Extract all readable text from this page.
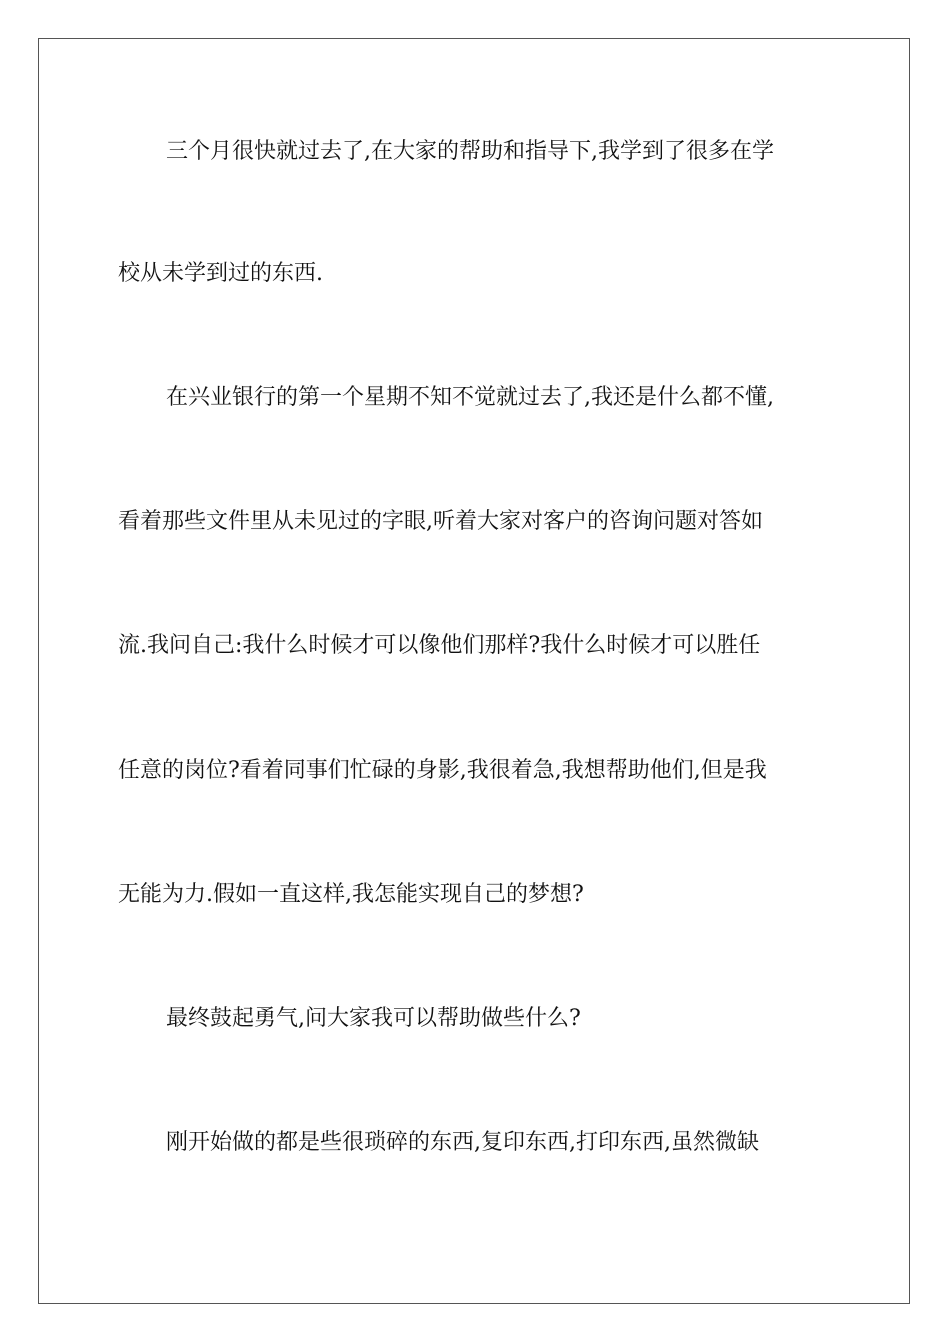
三个月很快就过去了,在大家的帮助和指导下,我学到了很多在学
校从未学到过的东西.
在兴业银行的第一个星期不知不觉就过去了,我还是什么都不懂,
看着那些文件里从未见过的字眼,听着大家对客户的咨询问题对答如
流.我问自己:我什么时候才可以像他们那样?我什么时候才可以胜任
任意的岗位?看着同事们忙碌的身影,我很着急,我想帮助他们,但是我
无能为力.假如一直这样,我怎能实现自己的梦想?
最终鼓起勇气,问大家我可以帮助做些什么?
刚开始做的都是些很琐碎的东西,复印东西,打印东西,虽然微缺
